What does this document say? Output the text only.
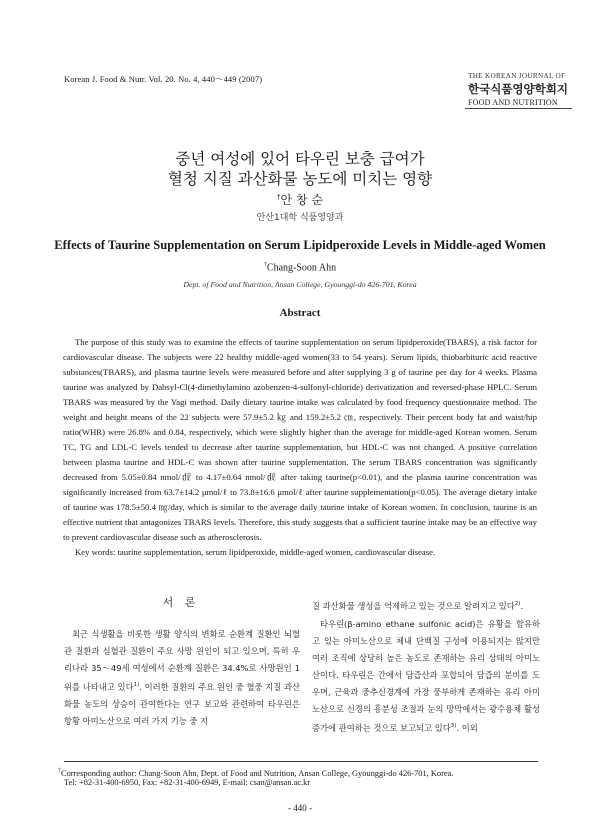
Korean J. Food & Nutr. Vol. 20. No. 4, 440～449 (2007)	THE KOREAN JOURNAL OF
한국식품영양학회지
FOOD AND NUTRITION
중년 여성에 있어 타우린 보충 급여가
혈청 지질 과산화물 농도에 미치는 영향
†안 창 순
안산1대학 식품영양과
Effects of Taurine Supplementation on Serum Lipidperoxide Levels in Middle-aged Women
†Chang-Soon Ahn
Dept. of Food and Nutrition, Ansan College, Gyounggi-do 426-701, Korea
Abstract

The purpose of this study was to examine the effects of taurine supplementation on serum lipidperoxide(TBARS), a risk factor for cardiovascular disease. The subjects were 22 healthy middle-aged women(33 to 54 years). Serum lipids, thiobarbituric acid reactive substances(TBARS), and plasma taurine levels were measured before and after supplying 3 g of taurine per day for 4 weeks. Plasma taurine was analyzed by Dabsyl-Cl(4-dimethylamino azobenzen-4-sulfonyl-chloride) derivatization and reversed-phase HPLC. Serum TBARS was measured by the Yagi method. Daily dietary taurine intake was calculated by food frequency questionnaire method. The weight and height means of the 22 subjects were 57.9±5.2 ㎏ and 159.2±5.2 ㎝, respectively. Their percent body fat and waist/hip ratio(WHR) were 26.8% and 0.84, respectively, which were slightly higher than the average for middle-aged Korean women. Serum TC, TG and LDL-C levels tended to decrease after taurine supplementation, but HDL-C was not changed. A positive correlation between plasma taurine and HDL-C was shown after taurine supplementation. The serum TBARS concentration was significantly decreased from 5.05±0.84 nmol/㎗ to 4.17±0.64 nmol/㎗ after taking taurine(p<0.01), and the plasma taurine concentration was significantly increased from 63.7±14.2 μmol/ℓ to 73.8±16.6 μmol/ℓ after taurine supplementation(p<0.05). The average dietary intake of taurine was 178.5±50.4 ㎎/day, which is similar to the average daily taurine intake of Korean women. In conclusion, taurine is an effective nutrient that antagonizes TBARS levels. Therefore, this study suggests that a sufficient taurine intake may be an effective way to prevent cardiovascular disease such as atherosclerosis.

Key words: taurine supplementation, serum lipidperoxide, middle-aged women, cardiovascular disease.

서 론

최근 식생활을 비롯한 생활 양식의 변화로 순환계 질환인 뇌혈관 질환과 심혈관 질환이 주요 사망 원인이 되고 있으며, 특히 우리나라 35～49세 여성에서 순환계 질환은 34.4%로 사망원인 1위를 나타내고 있다$^{1)}$. 이러한 질환의 주요 원인 중 혈중 지질 과산화물 농도의 상승이 관여한다는 연구 보고와 관련하여 타우린은 항황 아미노산으로 여러 가지 기능 중 지

질 과산화물 생성을 억제하고 있는 것으로 알려지고 있다$^{2)}$.

타우린(β-amino ethane sulfonic acid)은 유황을 함유하고 있는 아미노산으로 체내 단백질 구성에 이용되지는 않지만 여러 조직에 상당히 높은 농도로 존재하는 유리 상태의 아미노산이다. 타우린은 간에서 담즙산과 포합되어 담즙의 분비를 도우며, 근육과 중추신경계에 가장 풍부하게 존재하는 유리 아미노산으로 신경의 흥분성 조절과 눈의 망막에서는 광수용체 활성 증가에 관여하는 것으로 보고되고 있다$^{3)}$. 이외

†Corresponding author: Chang-Soon Ahn, Dept. of Food and Nutrition, Ansan College, Gyounggi-do 426-701, Korea.
Tel: +82-31-400-6950, Fax: +82-31-400-6949, E-mail: csan@ansan.ac.kr
- 440 -
